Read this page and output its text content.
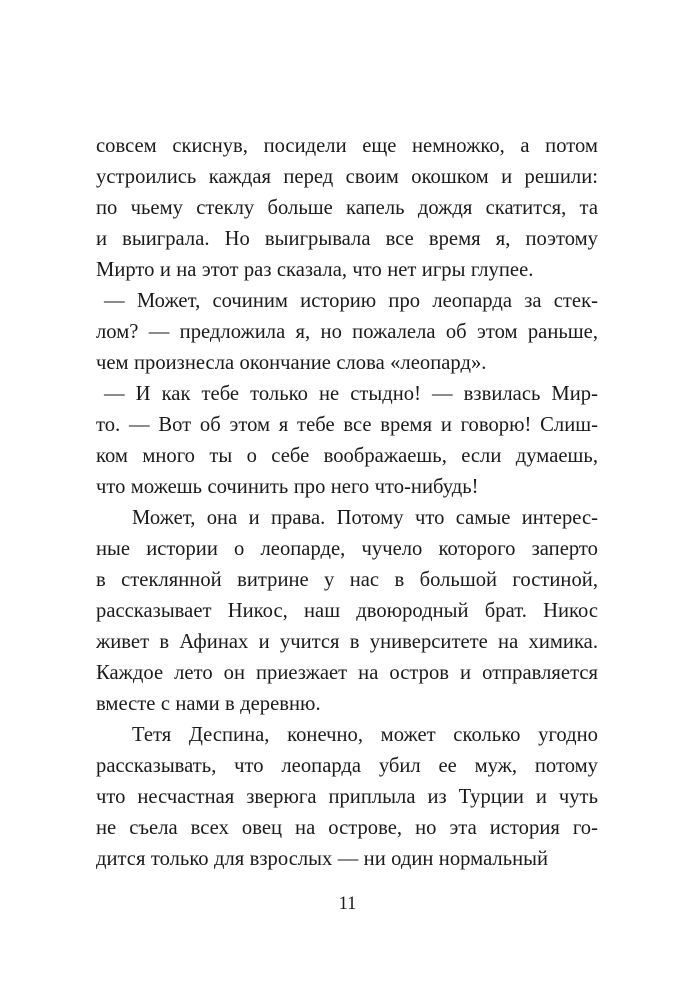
совсем скиснув, посидели еще немножко, а потом
устроились каждая перед своим окошком и решили:
по чьему стеклу больше капель дождя скатится, та
и выиграла. Но выигрывала все время я, поэтому
Мирто и на этот раз сказала, что нет игры глупее.

— Может, сочиним историю про леопарда за стек-
лом? — предложила я, но пожалела об этом раньше,
чем произнесла окончание слова «леопард».

— И как тебе только не стыдно! — взвилась Мир-
то. — Вот об этом я тебе все время и говорю! Слиш-
ком много ты о себе воображаешь, если думаешь,
что можешь сочинить про него что-нибудь!

Может, она и права. Потому что самые интерес-
ные истории о леопарде, чучело которого заперто
в стеклянной витрине у нас в большой гостиной,
рассказывает Никос, наш двоюродный брат. Никос
живет в Афинах и учится в университете на химика.
Каждое лето он приезжает на остров и отправляется
вместе с нами в деревню.

Тетя Деспина, конечно, может сколько угодно
рассказывать, что леопарда убил ее муж, потому
что несчастная зверюга приплыла из Турции и чуть
не съела всех овец на острове, но эта история го-
дится только для взрослых — ни один нормальный

11
